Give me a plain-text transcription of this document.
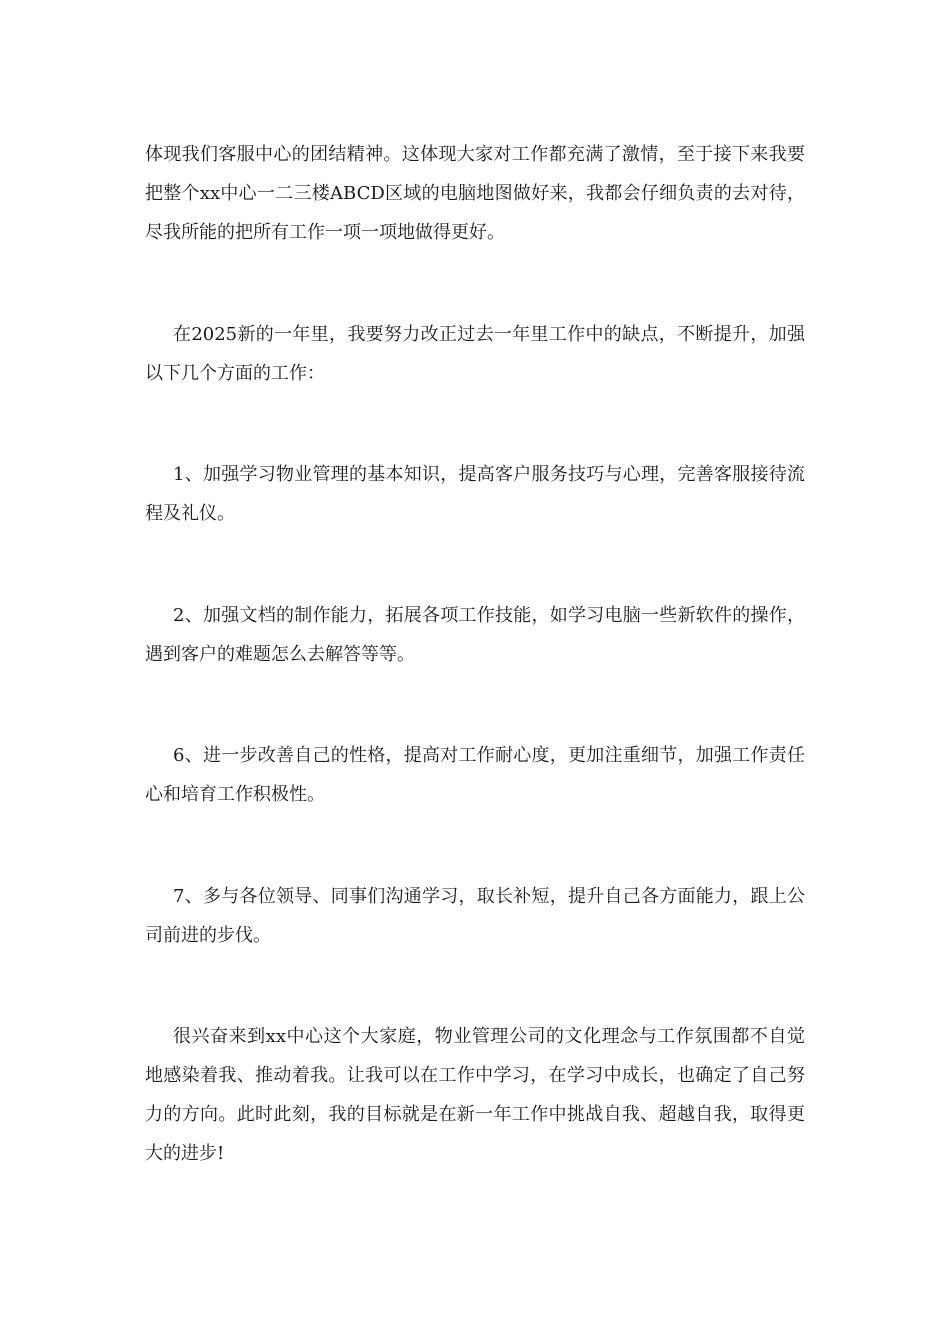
体现我们客服中心的团结精神。这体现大家对工作都充满了激情，至于接下来我要把整个xx中心一二三楼ABCD区域的电脑地图做好来，我都会仔细负责的去对待，尽我所能的把所有工作一项一项地做得更好。

在2025新的一年里，我要努力改正过去一年里工作中的缺点，不断提升，加强以下几个方面的工作：

1、加强学习物业管理的基本知识，提高客户服务技巧与心理，完善客服接待流程及礼仪。

2、加强文档的制作能力，拓展各项工作技能，如学习电脑一些新软件的操作，遇到客户的难题怎么去解答等等。

6、进一步改善自己的性格，提高对工作耐心度，更加注重细节，加强工作责任心和培育工作积极性。

7、多与各位领导、同事们沟通学习，取长补短，提升自己各方面能力，跟上公司前进的步伐。

很兴奋来到xx中心这个大家庭，物业管理公司的文化理念与工作氛围都不自觉地感染着我、推动着我。让我可以在工作中学习，在学习中成长，也确定了自己努力的方向。此时此刻，我的目标就是在新一年工作中挑战自我、超越自我，取得更大的进步!
